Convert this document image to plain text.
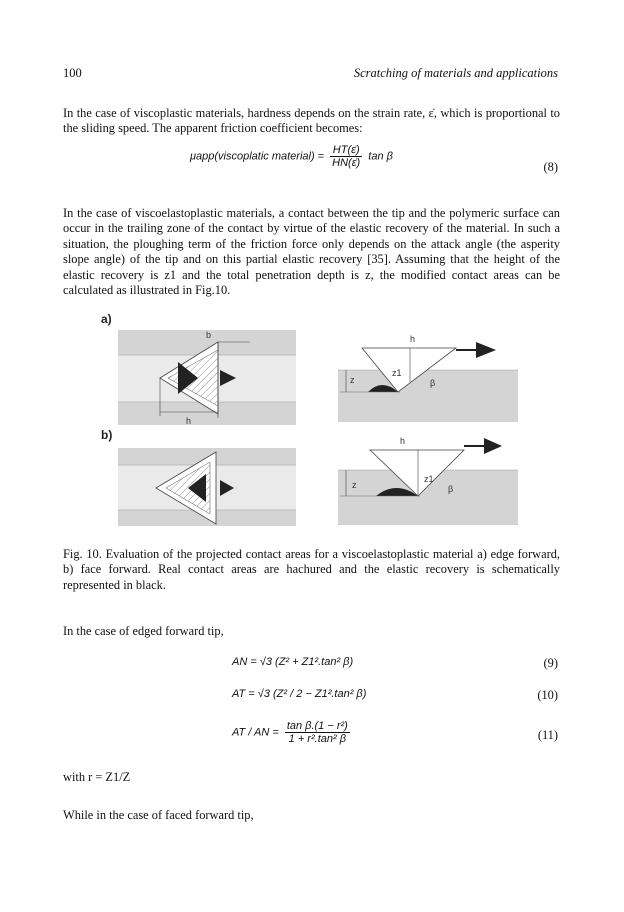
100	Scratching of materials and applications

In the case of viscoplastic materials, hardness depends on the strain rate, ε̇, which is proportional to the sliding speed. The apparent friction coefficient becomes:

μapp(viscoplatic material) = $\frac{HT(\varepsiloṅ)}{HN(\varepsiloṅ)}$ tan β
(8)

In the case of viscoelastoplastic materials, a contact between the tip and the polymeric surface can occur in the trailing zone of the contact by virtue of the elastic recovery of the material. In such a situation, the ploughing term of the friction force only depends on the attack angle (the asperity slope angle) of the tip and on this partial elastic recovery [35]. Assuming that the height of the elastic recovery is z1 and the total penetration depth is z, the modified contact areas can be calculated as illustrated in Fig.10.

a)
b)
b
h
h
z
z1
β
h
z
z1
β

Fig. 10. Evaluation of the projected contact areas for a viscoelastoplastic material a) edge forward, b) face forward. Real contact areas are hachured and the elastic recovery is schematically represented in black.

In the case of edged forward tip,

AN = √3 (Z² + Z1².tan² β)	(9)
AT = √3 (Z² / 2 − Z1².tan² β)	(10)
AT / AN = $\frac{\text{tan β.(1 − r²)}}{\text{1 + r².tan² β}}$	(11)
with r = Z1/Z

While in the case of faced forward tip,
